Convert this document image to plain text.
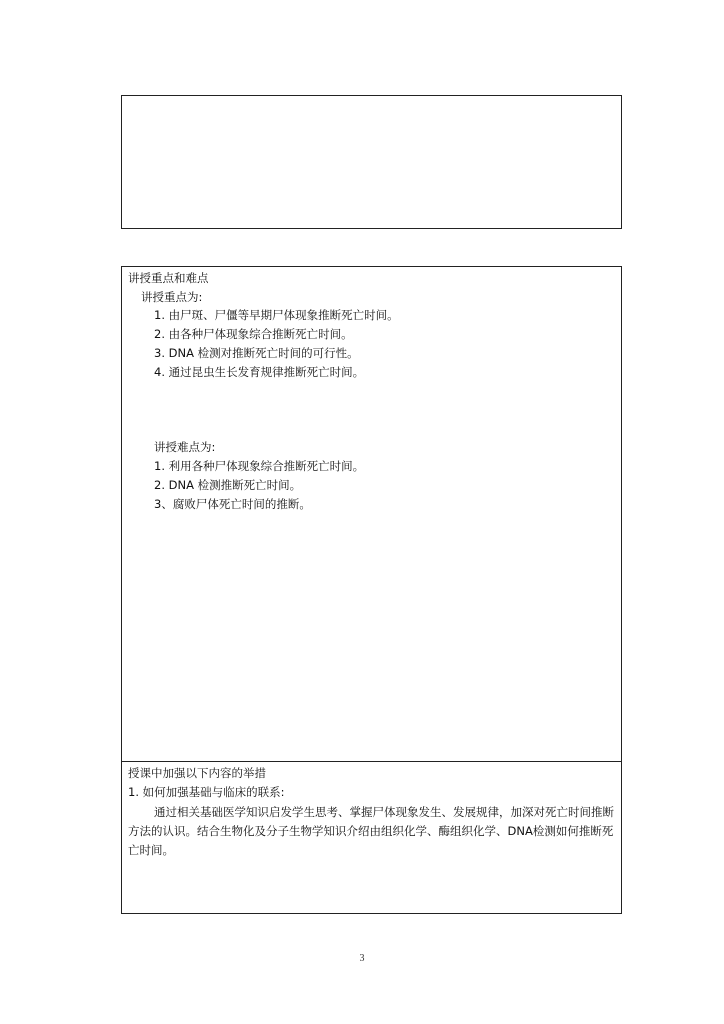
讲授重点和难点
讲授重点为:
1. 由尸斑、尸僵等早期尸体现象推断死亡时间。
2. 由各种尸体现象综合推断死亡时间。
3. DNA 检测对推断死亡时间的可行性。
4. 通过昆虫生长发育规律推断死亡时间。
讲授难点为:
1. 利用各种尸体现象综合推断死亡时间。
2. DNA 检测推断死亡时间。
3、腐败尸体死亡时间的推断。
授课中加强以下内容的举措
1. 如何加强基础与临床的联系:
通过相关基础医学知识启发学生思考、掌握尸体现象发生、发展规律，加深对死亡时间推断方法的认识。结合生物化及分子生物学知识介绍由组织化学、酶组织化学、DNA检测如何推断死亡时间。
3
